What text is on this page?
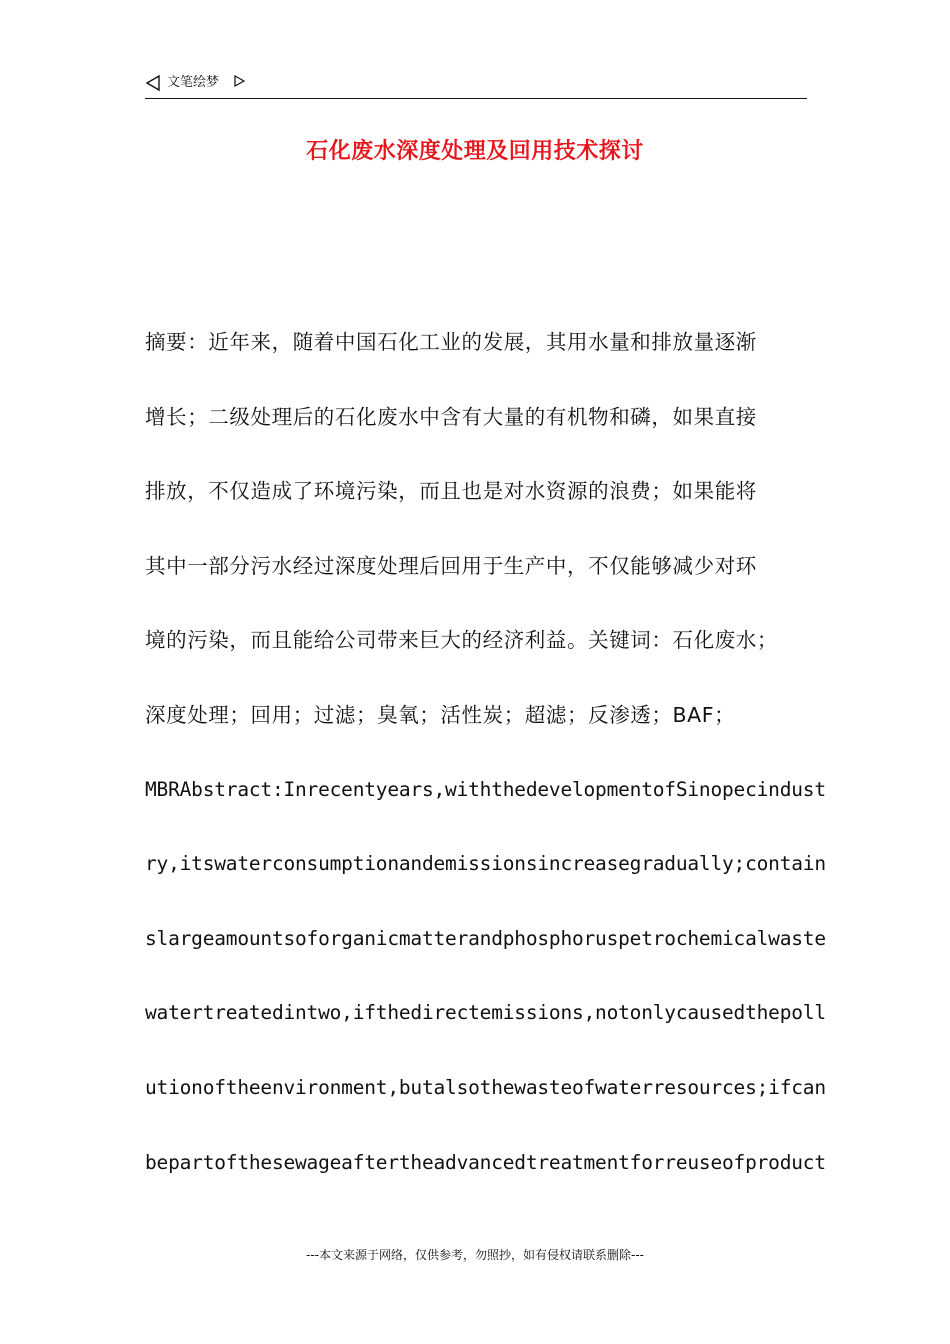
文笔绘梦
石化废水深度处理及回用技术探讨
摘要：近年来，随着中国石化工业的发展，其用水量和排放量逐渐
增长；二级处理后的石化废水中含有大量的有机物和磷，如果直接
排放，不仅造成了环境污染，而且也是对水资源的浪费；如果能将
其中一部分污水经过深度处理后回用于生产中，不仅能够减少对环
境的污染，而且能给公司带来巨大的经济利益。关键词：石化废水；
深度处理；回用；过滤；臭氧；活性炭；超滤；反渗透；BAF；
MBRAbstract:Inrecentyears,withthedevelopmentofSinopecindust
ry,itswaterconsumptionandemissionsincreasegradually;contain
slargeamountsoforganicmatterandphosphoruspetrochemicalwaste
watertreatedintwo,ifthedirectemissions,notonlycausedthepoll
utionoftheenvironment,butalsothewasteofwaterresources;ifcan
bepartofthesewageaftertheadvancedtreatmentforreuseofproduct
---本文来源于网络，仅供参考，勿照抄，如有侵权请联系删除---
